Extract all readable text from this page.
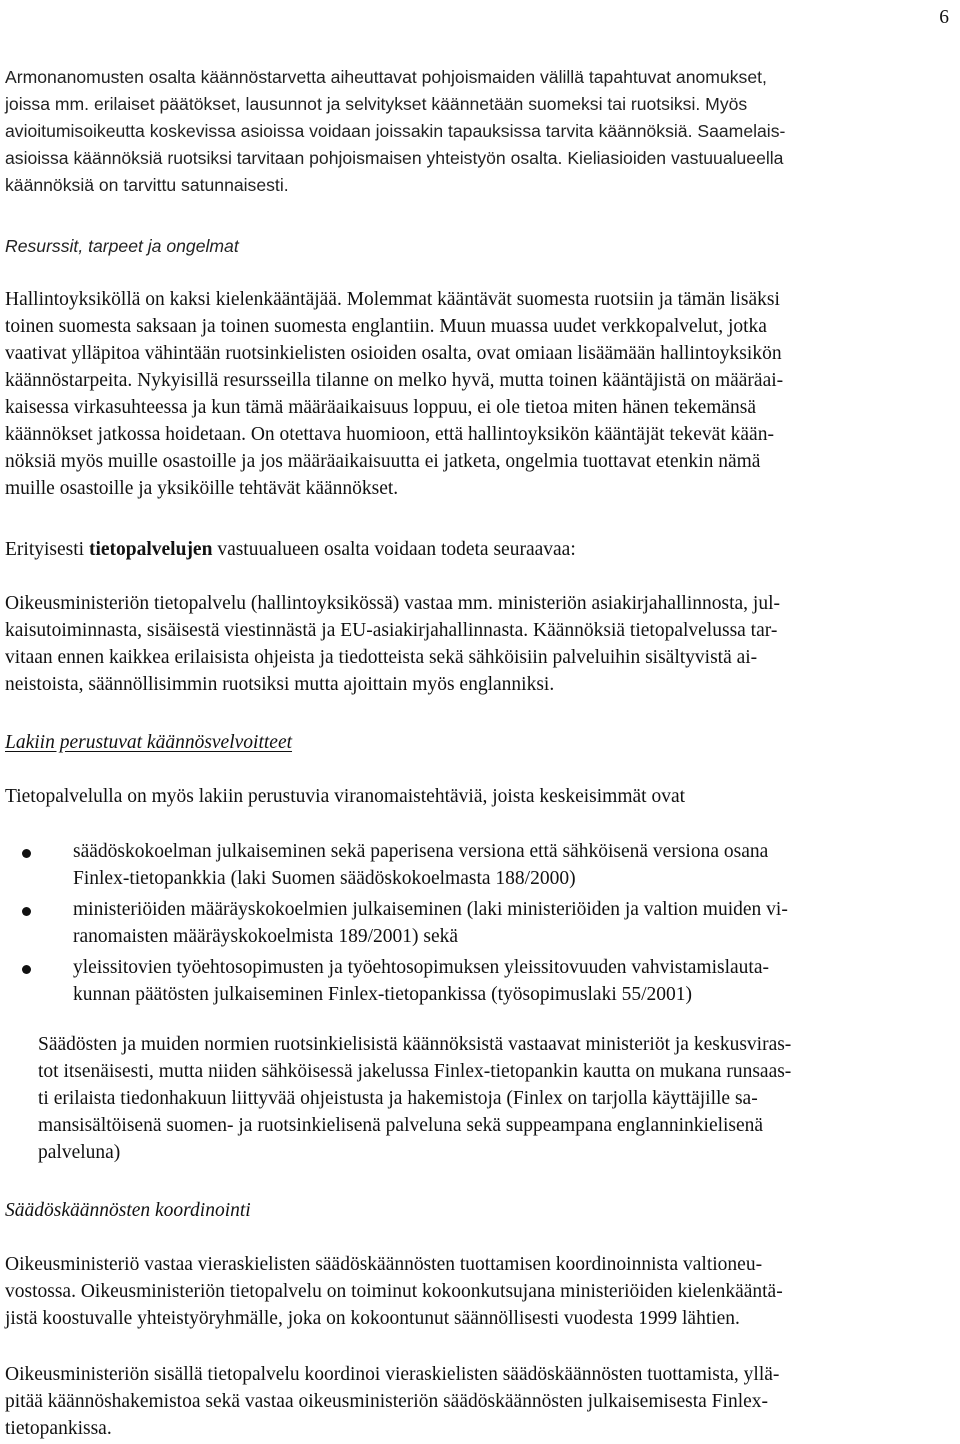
6

Armonanomusten osalta käännöstarvetta aiheuttavat pohjoismaiden välillä tapahtuvat anomukset,
joissa mm. erilaiset päätökset, lausunnot ja selvitykset käännetään suomeksi tai ruotsiksi. Myös
avioitumisoikeutta koskevissa asioissa voidaan joissakin tapauksissa tarvita käännöksiä. Saamelais-
asioissa käännöksiä ruotsiksi tarvitaan pohjoismaisen yhteistyön osalta. Kieliasioiden vastuualueella
käännöksiä on tarvittu satunnaisesti.

Resurssit, tarpeet ja ongelmat

Hallintoyksiköllä on kaksi kielenkääntäjää. Molemmat kääntävät suomesta ruotsiin ja tämän lisäksi
toinen suomesta saksaan ja toinen suomesta englantiin. Muun muassa uudet verkkopalvelut, jotka
vaativat ylläpitoa vähintään ruotsinkielisten osioiden osalta, ovat omiaan lisäämään hallintoyksikön
käännöstarpeita. Nykyisillä resursseilla tilanne on melko hyvä, mutta toinen kääntäjistä on määräai-
kaisessa virkasuhteessa ja kun tämä määräaikaisuus loppuu, ei ole tietoa miten hänen tekemänsä
käännökset jatkossa hoidetaan. On otettava huomioon, että hallintoyksikön kääntäjät tekevät kään-
nöksiä myös muille osastoille ja jos määräaikaisuutta ei jatketa, ongelmia tuottavat etenkin nämä
muille osastoille ja yksiköille tehtävät käännökset.

Erityisesti tietopalvelujen vastuualueen osalta voidaan todeta seuraavaa:

Oikeusministeriön tietopalvelu (hallintoyksikössä) vastaa mm. ministeriön asiakirjahallinnosta, jul-
kaisutoiminnasta, sisäisestä viestinnästä ja EU-asiakirjahallinnasta. Käännöksiä tietopalvelussa tar-
vitaan ennen kaikkea erilaisista ohjeista ja tiedotteista sekä sähköisiin palveluihin sisältyvistä ai-
neistoista, säännöllisimmin ruotsiksi mutta ajoittain myös englanniksi.

Lakiin perustuvat käännösvelvoitteet

Tietopalvelulla on myös lakiin perustuvia viranomaistehtäviä, joista keskeisimmät ovat

säädöskokoelman julkaiseminen sekä paperisena versiona että sähköisenä versiona osana
Finlex-tietopankkia (laki Suomen säädöskokoelmasta 188/2000)
ministeriöiden määräyskokoelmien julkaiseminen (laki ministeriöiden ja valtion muiden vi-
ranomaisten määräyskokoelmista 189/2001) sekä
yleissitovien työehtosopimusten ja työehtosopimuksen yleissitovuuden vahvistamislauta-
kunnan päätösten julkaiseminen Finlex-tietopankissa (työsopimuslaki 55/2001)

Säädösten ja muiden normien ruotsinkielisistä käännöksistä vastaavat ministeriöt ja keskusviras-
tot itsenäisesti, mutta niiden sähköisessä jakelussa Finlex-tietopankin kautta on mukana runsaas-
ti erilaista tiedonhakuun liittyvää ohjeistusta ja hakemistoja (Finlex on tarjolla käyttäjille sa-
mansisältöisenä suomen- ja ruotsinkielisenä palveluna sekä suppeampana englanninkielisenä
palveluna)

Säädöskäännösten koordinointi

Oikeusministeriö vastaa vieraskielisten säädöskäännösten tuottamisen koordinoinnista valtioneu-
vostossa. Oikeusministeriön tietopalvelu on toiminut kokoonkutsujana ministeriöiden kielenkääntä-
jistä koostuvalle yhteistyöryhmälle, joka on kokoontunut säännöllisesti vuodesta 1999 lähtien.

Oikeusministeriön sisällä tietopalvelu koordinoi vieraskielisten säädöskäännösten tuottamista, yllä-
pitää käännöshakemistoa sekä vastaa oikeusministeriön säädöskäännösten julkaisemisesta Finlex-
tietopankissa.
